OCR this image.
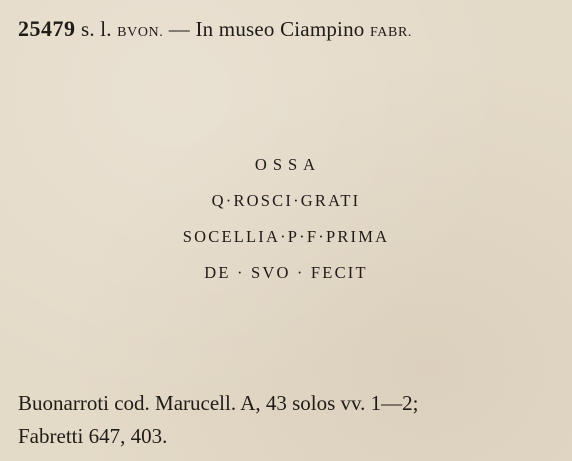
25479 s. l. BVON. — In museo Ciampino FABR.
OSSA
Q·ROSCI·GRATI
SOCELLIA·P·F·PRIMA
DE · SVO · FECIT
Buonarroti cod. Marucell. A, 43 solos vv. 1—2;
Fabretti 647, 403.
